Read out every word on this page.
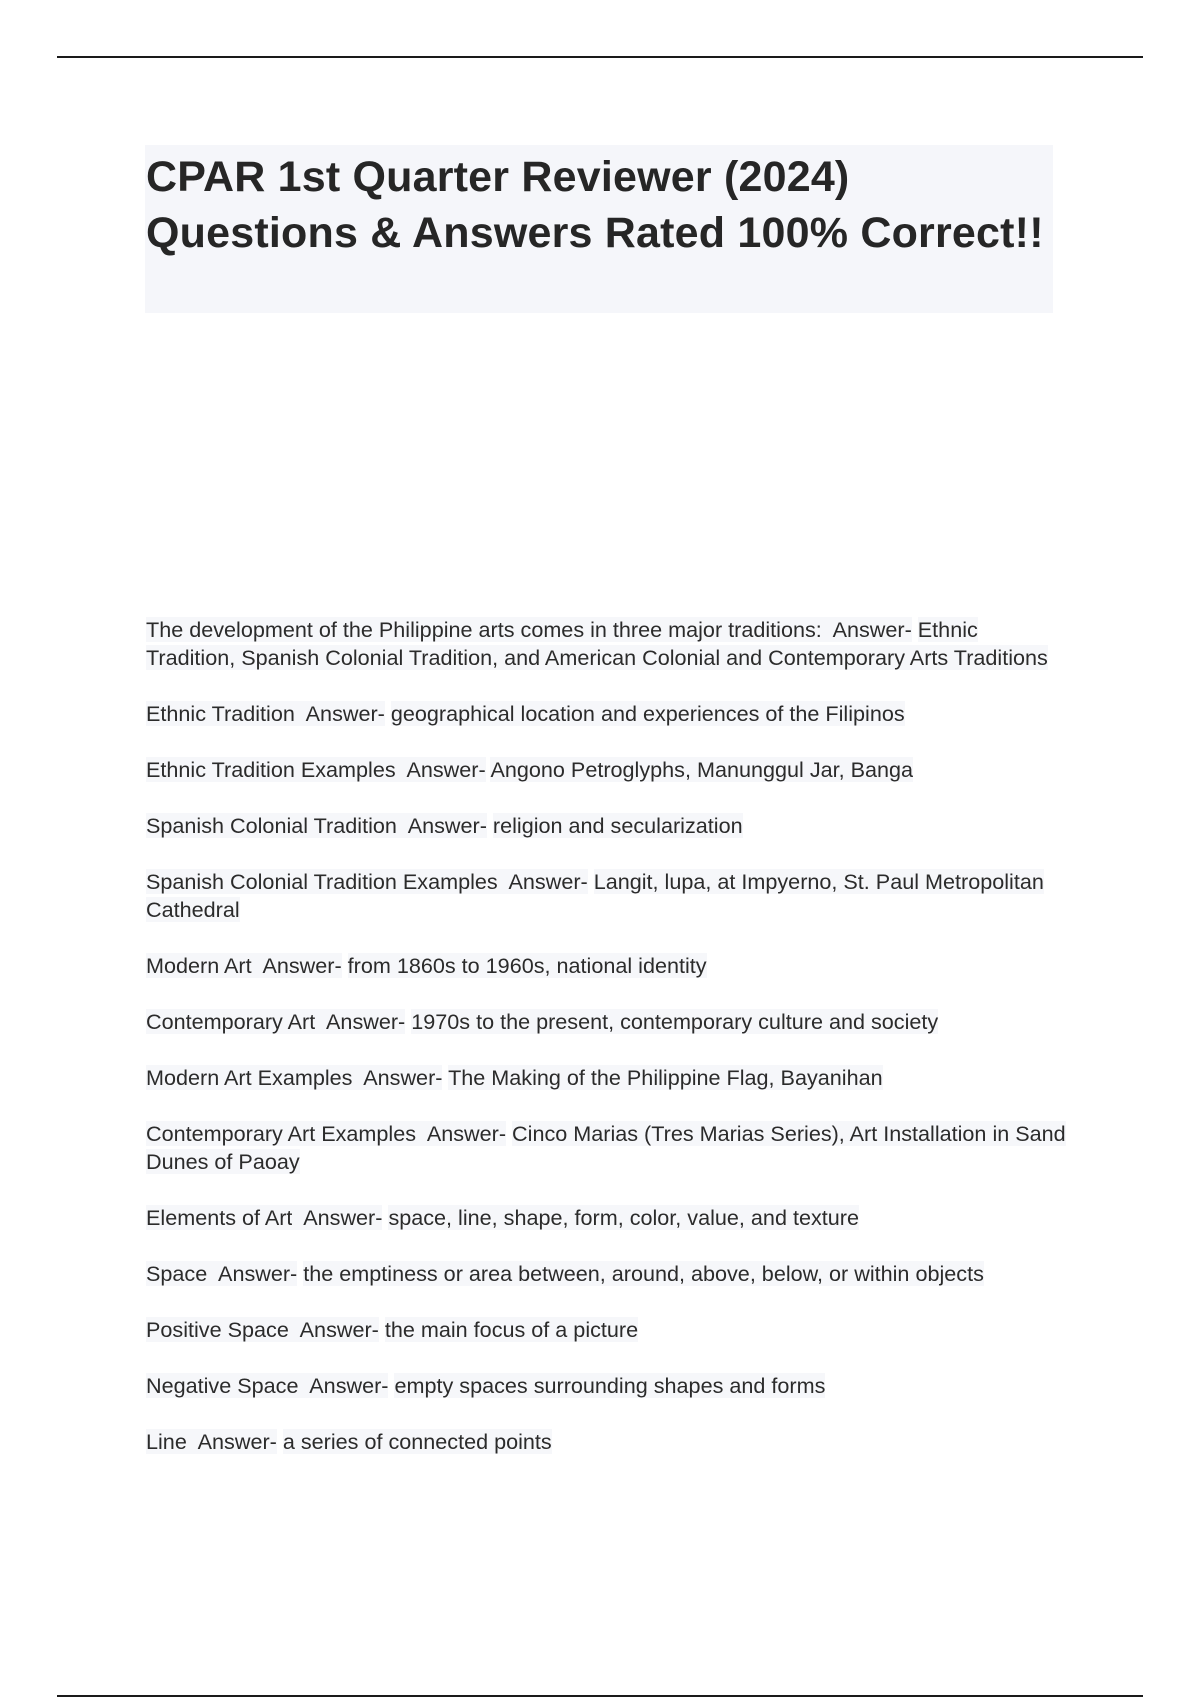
CPAR 1st Quarter Reviewer (2024) Questions & Answers Rated 100% Correct!!

The development of the Philippine arts comes in three major traditions: Answer- Ethnic Tradition, Spanish Colonial Tradition, and American Colonial and Contemporary Arts Traditions

Ethnic Tradition Answer- geographical location and experiences of the Filipinos

Ethnic Tradition Examples Answer- Angono Petroglyphs, Manunggul Jar, Banga

Spanish Colonial Tradition Answer- religion and secularization

Spanish Colonial Tradition Examples Answer- Langit, lupa, at Impyerno, St. Paul Metropolitan Cathedral

Modern Art Answer- from 1860s to 1960s, national identity

Contemporary Art Answer- 1970s to the present, contemporary culture and society

Modern Art Examples Answer- The Making of the Philippine Flag, Bayanihan

Contemporary Art Examples Answer- Cinco Marias (Tres Marias Series), Art Installation in Sand Dunes of Paoay

Elements of Art Answer- space, line, shape, form, color, value, and texture

Space Answer- the emptiness or area between, around, above, below, or within objects

Positive Space Answer- the main focus of a picture

Negative Space Answer- empty spaces surrounding shapes and forms

Line Answer- a series of connected points
